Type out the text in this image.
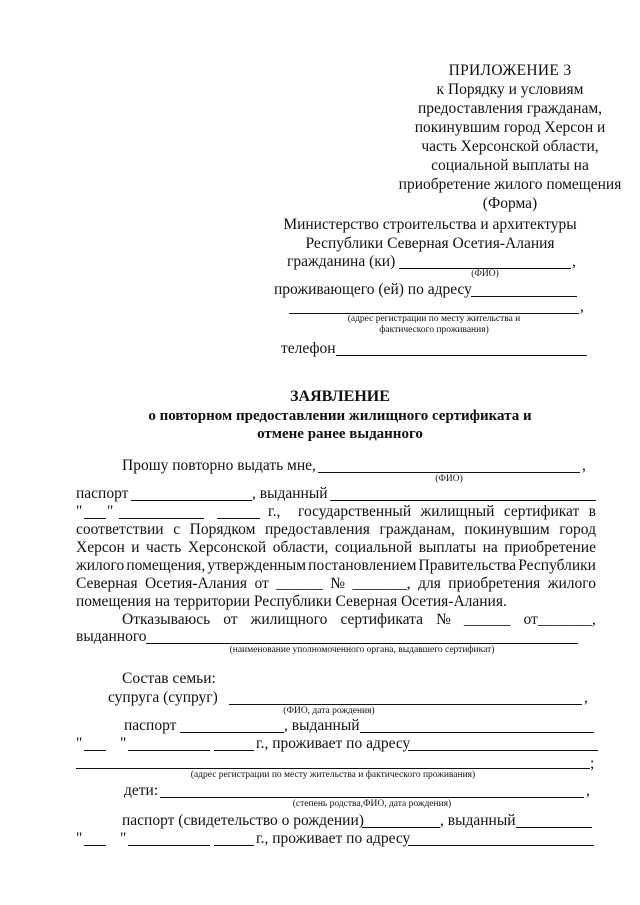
ПРИЛОЖЕНИЕ 3
к Порядку и условиям
предоставления гражданам,
покинувшим город Херсон и
часть Херсонской области,
социальной выплаты на
приобретение жилого помещения
(Форма)
Министерство строительства и архитектуры
Республики Северная Осетия-Алания
гражданина (ки)	,
(ФИО)
проживающего (ей) по адресу
,
(адрес регистрации по месту жительства и
фактического проживания)
телефон
ЗАЯВЛЕНИЕ
о повторном предоставлении жилищного сертификата и
отмене ранее выданного
Прошу повторно выдать мне,	,
(ФИО)
паспорт	, выданный
" "	г., государственный жилищный сертификат в
соответствии с Порядком предоставления гражданам, покинувшим город
Херсон и часть Херсонской области, социальной выплаты на приобретение
жилого помещения, утвержденным постановлением Правительства Республики
Северная Осетия-Алания от ______ № _______, для приобретения жилого
помещения на территории Республики Северная Осетия-Алания.
Отказываюсь от жилищного сертификата № ______ от_______,
выданного
(наименование уполномоченного органа, выдавшего сертификат)
Состав семьи:
супруга (супруг)	,
(ФИО, дата рождения)
паспорт	, выданный
" "	г., проживает по адресу
;
(адрес регистрации по месту жительства и фактического проживания)
дети:	,
(степень родства,ФИО, дата рождения)
паспорт (свидетельство о рождении)	, выданный
" "	г., проживает по адресу
